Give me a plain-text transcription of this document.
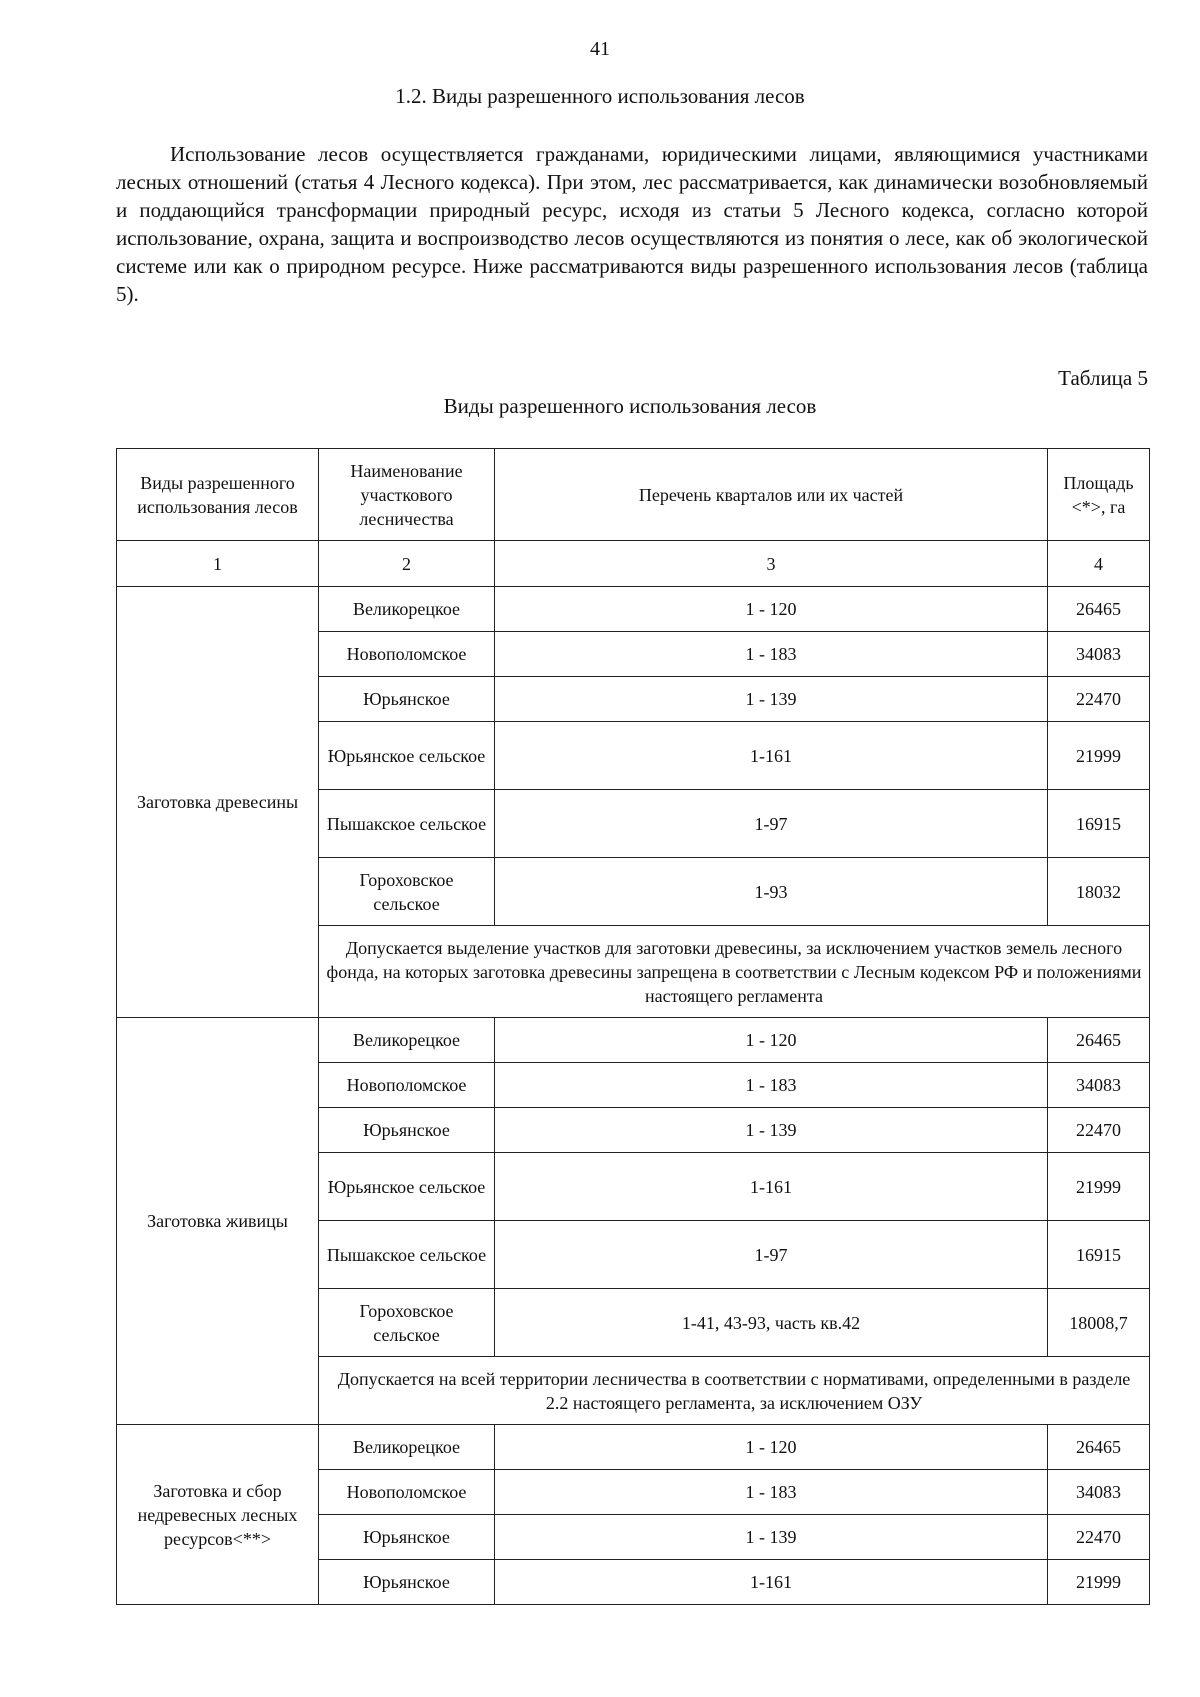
41
1.2. Виды разрешенного использования лесов

Использование лесов осуществляется гражданами, юридическими лицами, являющимися участниками лесных отношений (статья 4 Лесного кодекса). При этом, лес рассматривается, как динамически возобновляемый и поддающийся трансформации природный ресурс, исходя из статьи 5 Лесного кодекса, согласно которой использование, охрана, защита и воспроизводство лесов осуществляются из понятия о лесе, как об экологической системе или как о природном ресурсе. Ниже рассматриваются виды разрешенного использования лесов (таблица 5).

Таблица 5
Виды разрешенного использования лесов
Виды разрешенного использования лесов	Наименование участкового лесничества	Перечень кварталов или их частей	Площадь <*>, га
1	2	3	4
Заготовка древесины	Великорецкое	1 - 120	26465
	Новополомское	1 - 183	34083
	Юрьянское	1 - 139	22470
	Юрьянское сельское	1-161	21999
	Пышакское сельское	1-97	16915
	Гороховское сельское	1-93	18032
	Допускается выделение участков для заготовки древесины, за исключением участков земель лесного фонда, на которых заготовка древесины запрещена в соответствии с Лесным кодексом РФ и положениями настоящего регламента		
Заготовка живицы	Великорецкое	1 - 120	26465
	Новополомское	1 - 183	34083
	Юрьянское	1 - 139	22470
	Юрьянское сельское	1-161	21999
	Пышакское сельское	1-97	16915
	Гороховское сельское	1-41, 43-93, часть кв.42	18008,7
	Допускается на всей территории лесничества в соответствии с нормативами, определенными в разделе 2.2 настоящего регламента, за исключением ОЗУ		
Заготовка и сбор недревесных лесных ресурсов<**>	Великорецкое	1 - 120	26465
	Новополомское	1 - 183	34083
	Юрьянское	1 - 139	22470
	Юрьянское	1-161	21999
